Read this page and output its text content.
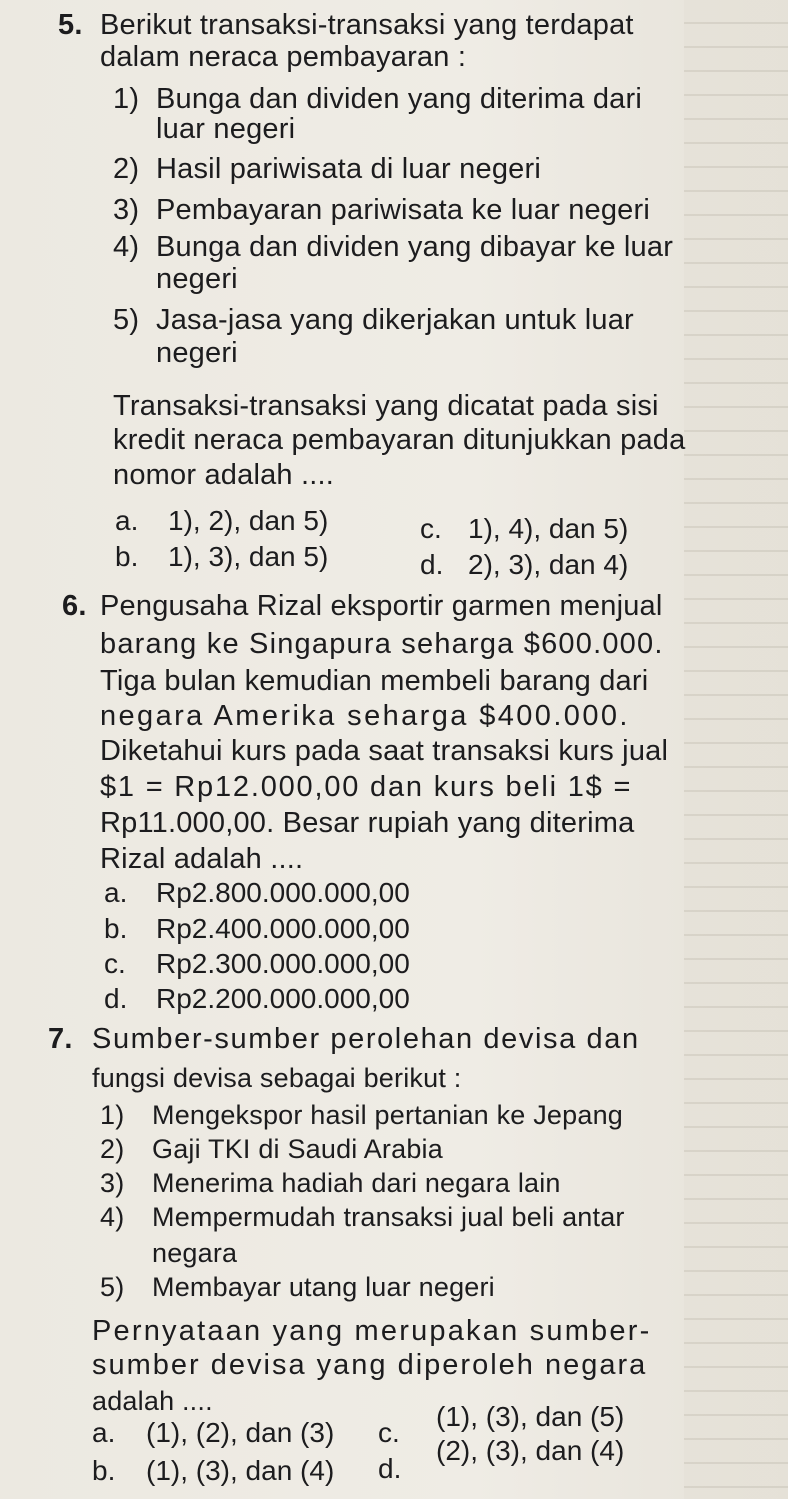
5. Berikut transaksi-transaksi yang terdapat
dalam neraca pembayaran :
1) Bunga dan dividen yang diterima dari
luar negeri
2) Hasil pariwisata di luar negeri
3) Pembayaran pariwisata ke luar negeri
4) Bunga dan dividen yang dibayar ke luar
negeri
5) Jasa-jasa yang dikerjakan untuk luar
negeri
Transaksi-transaksi yang dicatat pada sisi
kredit neraca pembayaran ditunjukkan pada
nomor adalah ....
a. 1), 2), dan 5)	c. 1), 4), dan 5)
b. 1), 3), dan 5)	d. 2), 3), dan 4)
6. Pengusaha Rizal eksportir garmen menjual
barang ke Singapura seharga $600.000.
Tiga bulan kemudian membeli barang dari
negara Amerika seharga $400.000.
Diketahui kurs pada saat transaksi kurs jual
$1 = Rp12.000,00 dan kurs beli 1$ =
Rp11.000,00. Besar rupiah yang diterima
Rizal adalah ....
a. Rp2.800.000.000,00
b. Rp2.400.000.000,00
c. Rp2.300.000.000,00
d. Rp2.200.000.000,00
7. Sumber-sumber perolehan devisa dan
fungsi devisa sebagai berikut :
1) Mengekspor hasil pertanian ke Jepang
2) Gaji TKI di Saudi Arabia
3) Menerima hadiah dari negara lain
4) Mempermudah transaksi jual beli antar
negara
5) Membayar utang luar negeri
Pernyataan yang merupakan sumber-
sumber devisa yang diperoleh negara
adalah ....
a. (1), (2), dan (3) c.
(1), (3), dan (5)
b. (1), (3), dan (4) d.
(2), (3), dan (4)
